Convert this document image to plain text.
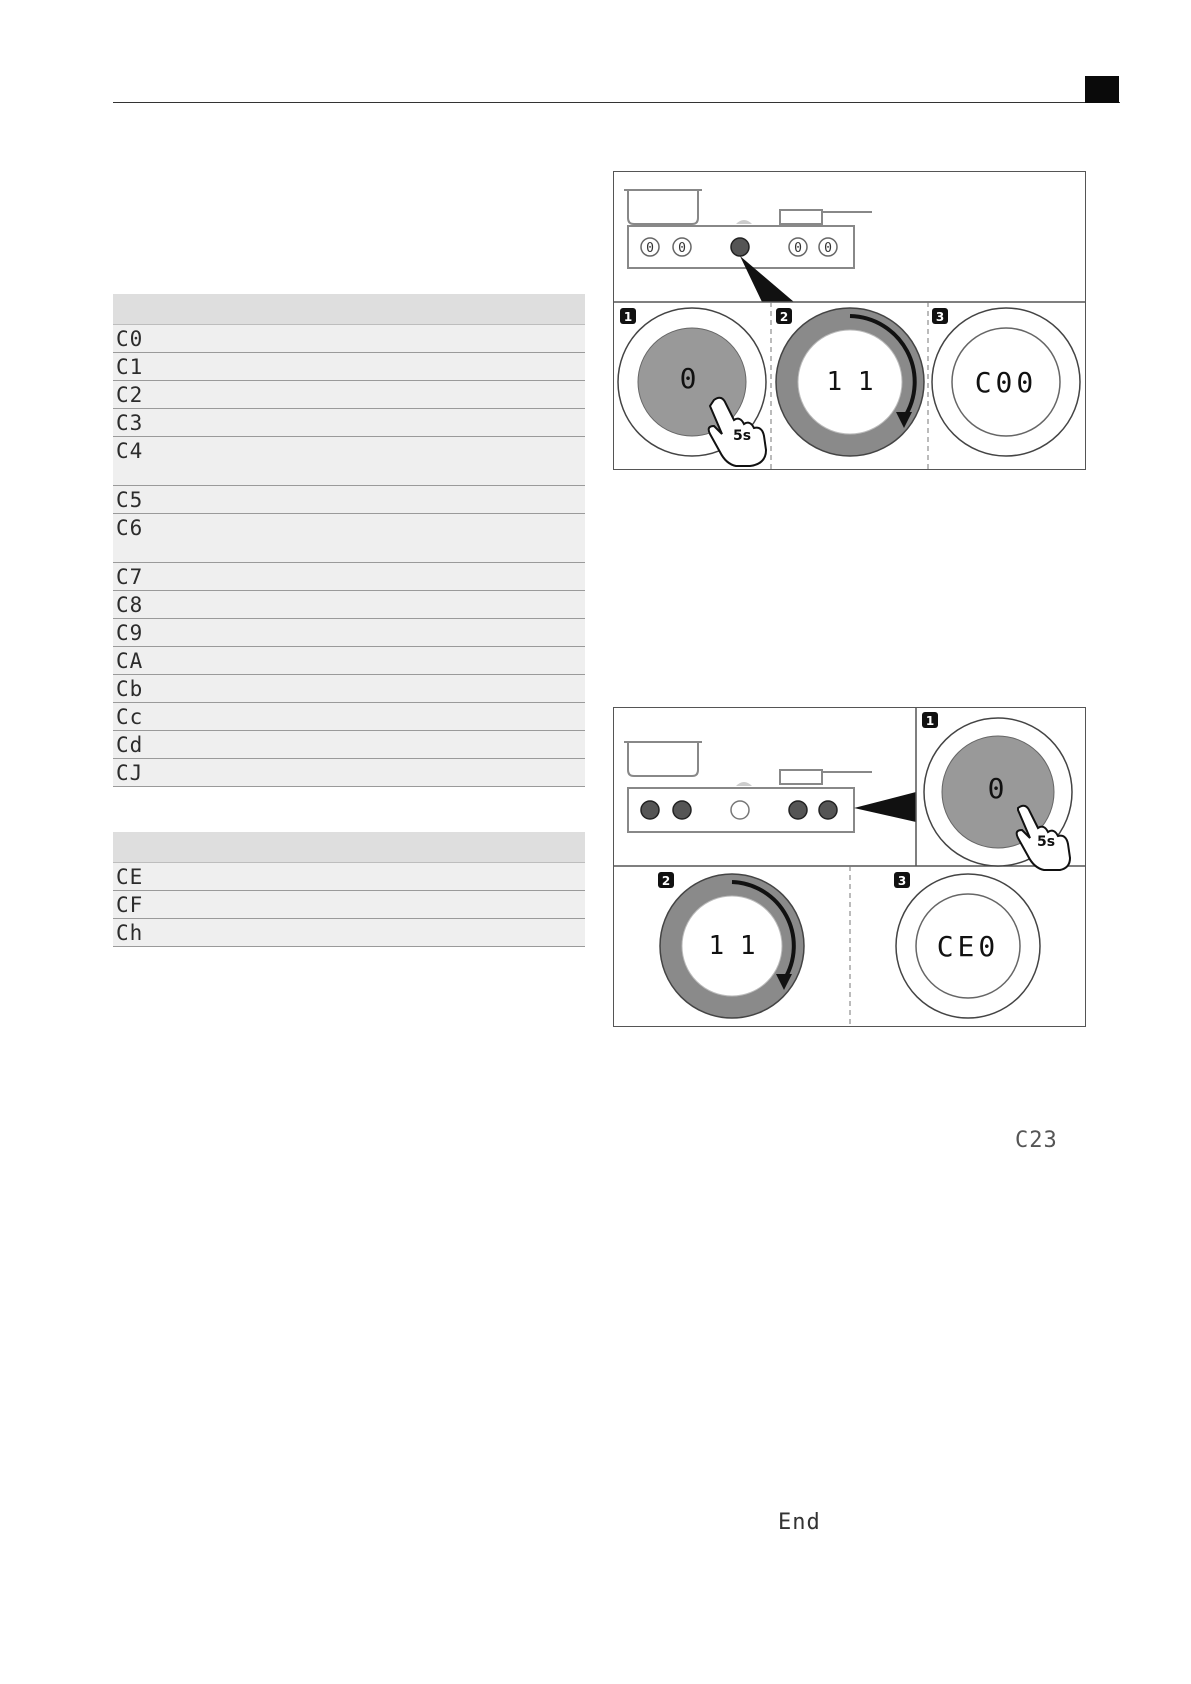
C0
C1
C2
C3
C4
C5
C6
C7
C8
C9
CA
Cb
Cc
Cd
CJ
CE
CF
Ch
0 0	0 0
1	2	3
0
5s
1 1	C00
1
2	3
0
5s
1 1	CE0
C23
End
